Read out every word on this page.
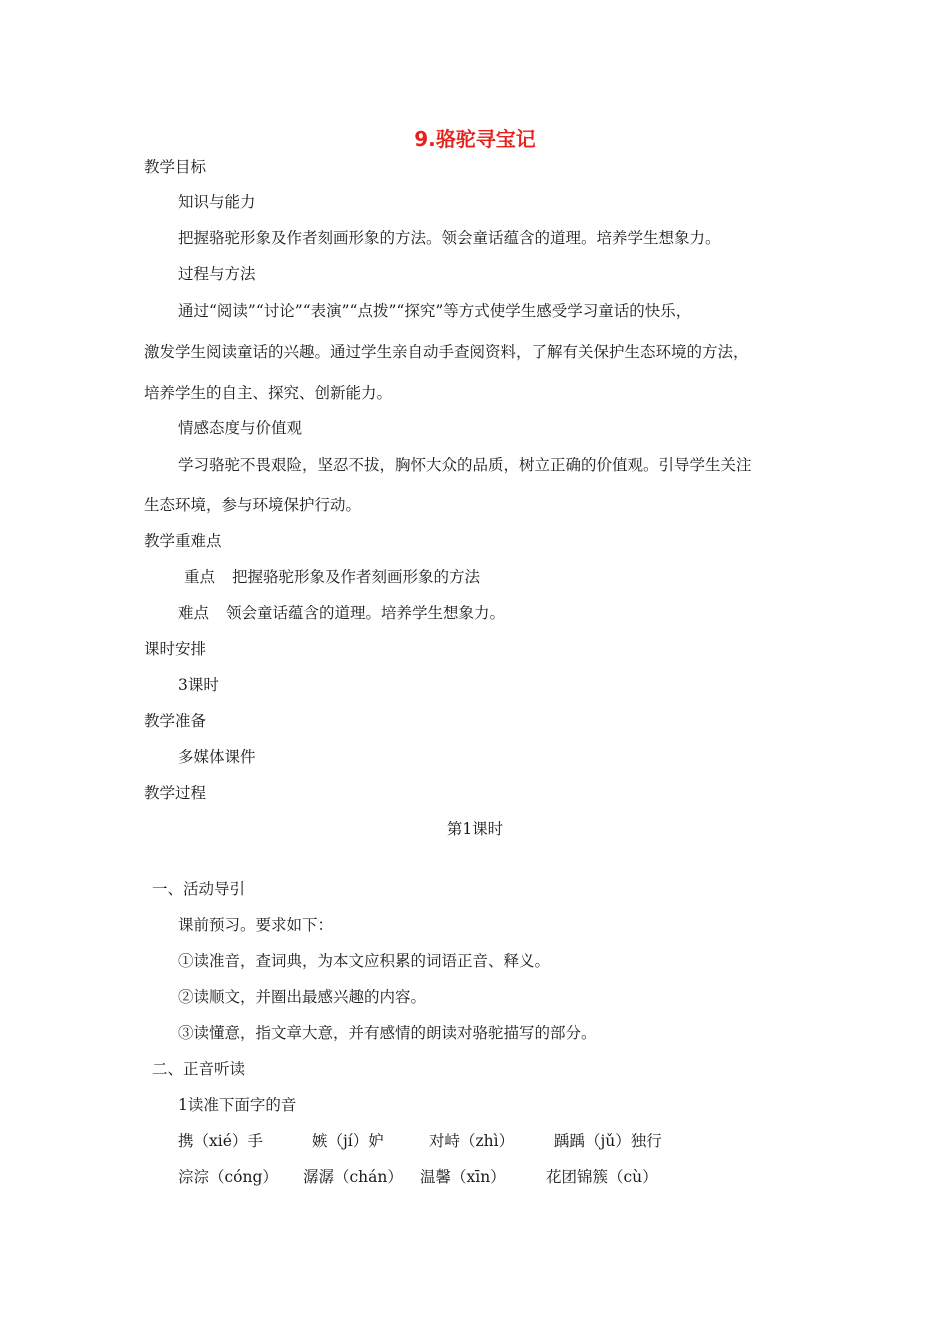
9.骆驼寻宝记
教学目标
知识与能力
把握骆驼形象及作者刻画形象的方法。领会童话蕴含的道理。培养学生想象力。
过程与方法
通过“阅读”“讨论”“表演”“点拨”“探究”等方式使学生感受学习童话的快乐，
激发学生阅读童话的兴趣。通过学生亲自动手查阅资料，了解有关保护生态环境的方法，
培养学生的自主、探究、创新能力。
情感态度与价值观
学习骆驼不畏艰险，坚忍不拔，胸怀大众的品质，树立正确的价值观。引导学生关注
生态环境，参与环境保护行动。
教学重难点
重点 把握骆驼形象及作者刻画形象的方法
难点 领会童话蕴含的道理。培养学生想象力。
课时安排
3课时
教学准备
多媒体课件
教学过程
第1课时
一、活动导引
课前预习。要求如下：
①读准音，查词典，为本文应积累的词语正音、释义。
②读顺文，并圈出最感兴趣的内容。
③读懂意，指文章大意，并有感情的朗读对骆驼描写的部分。
二、正音听读
1读准下面字的音
携（xié）手	嫉（jí）妒	对峙（zhì）	踽踽（jǔ）独行
淙淙（cóng） 潺潺（chán） 温馨（xīn）	花团锦簇（cù）
